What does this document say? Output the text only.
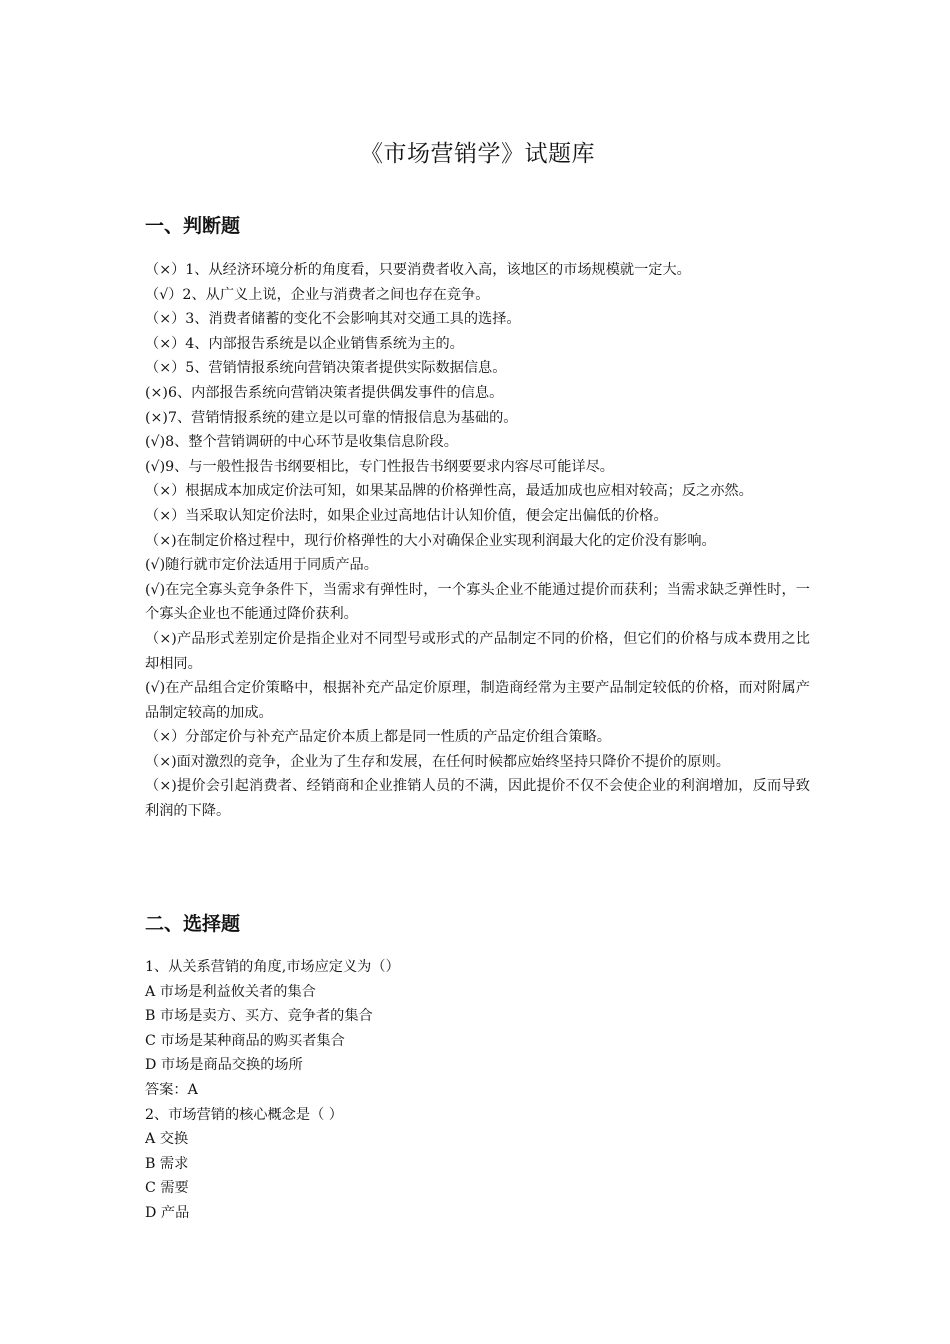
《市场营销学》试题库
一、判断题

（×）1、从经济环境分析的角度看，只要消费者收入高，该地区的市场规模就一定大。

（√）2、从广义上说，企业与消费者之间也存在竞争。

（×）3、消费者储蓄的变化不会影响其对交通工具的选择。

（×）4、内部报告系统是以企业销售系统为主的。

（×）5、营销情报系统向营销决策者提供实际数据信息。

(×)6、内部报告系统向营销决策者提供偶发事件的信息。

(×)7、营销情报系统的建立是以可靠的情报信息为基础的。

(√)8、整个营销调研的中心环节是收集信息阶段。

(√)9、与一般性报告书纲要相比，专门性报告书纲要要求内容尽可能详尽。

（×）根据成本加成定价法可知，如果某品牌的价格弹性高，最适加成也应相对较高；反之亦然。

（×）当采取认知定价法时，如果企业过高地估计认知价值，便会定出偏低的价格。

（×)在制定价格过程中，现行价格弹性的大小对确保企业实现利润最大化的定价没有影响。

(√)随行就市定价法适用于同质产品。

(√)在完全寡头竞争条件下，当需求有弹性时，一个寡头企业不能通过提价而获利；当需求缺乏弹性时，一个寡头企业也不能通过降价获利。

（×)产品形式差别定价是指企业对不同型号或形式的产品制定不同的价格，但它们的价格与成本费用之比却相同。

(√)在产品组合定价策略中，根据补充产品定价原理，制造商经常为主要产品制定较低的价格，而对附属产品制定较高的加成。

（×）分部定价与补充产品定价本质上都是同一性质的产品定价组合策略。

（×)面对激烈的竞争，企业为了生存和发展，在任何时候都应始终坚持只降价不提价的原则。

（×)提价会引起消费者、经销商和企业推销人员的不满，因此提价不仅不会使企业的利润增加，反而导致利润的下降。

二、选择题

1、从关系营销的角度,市场应定义为（）

A 市场是利益攸关者的集合

B 市场是卖方、买方、竞争者的集合

C 市场是某种商品的购买者集合

D 市场是商品交换的场所

答案：A

2、市场营销的核心概念是（ ）

A 交换

B 需求

C 需要

D 产品
